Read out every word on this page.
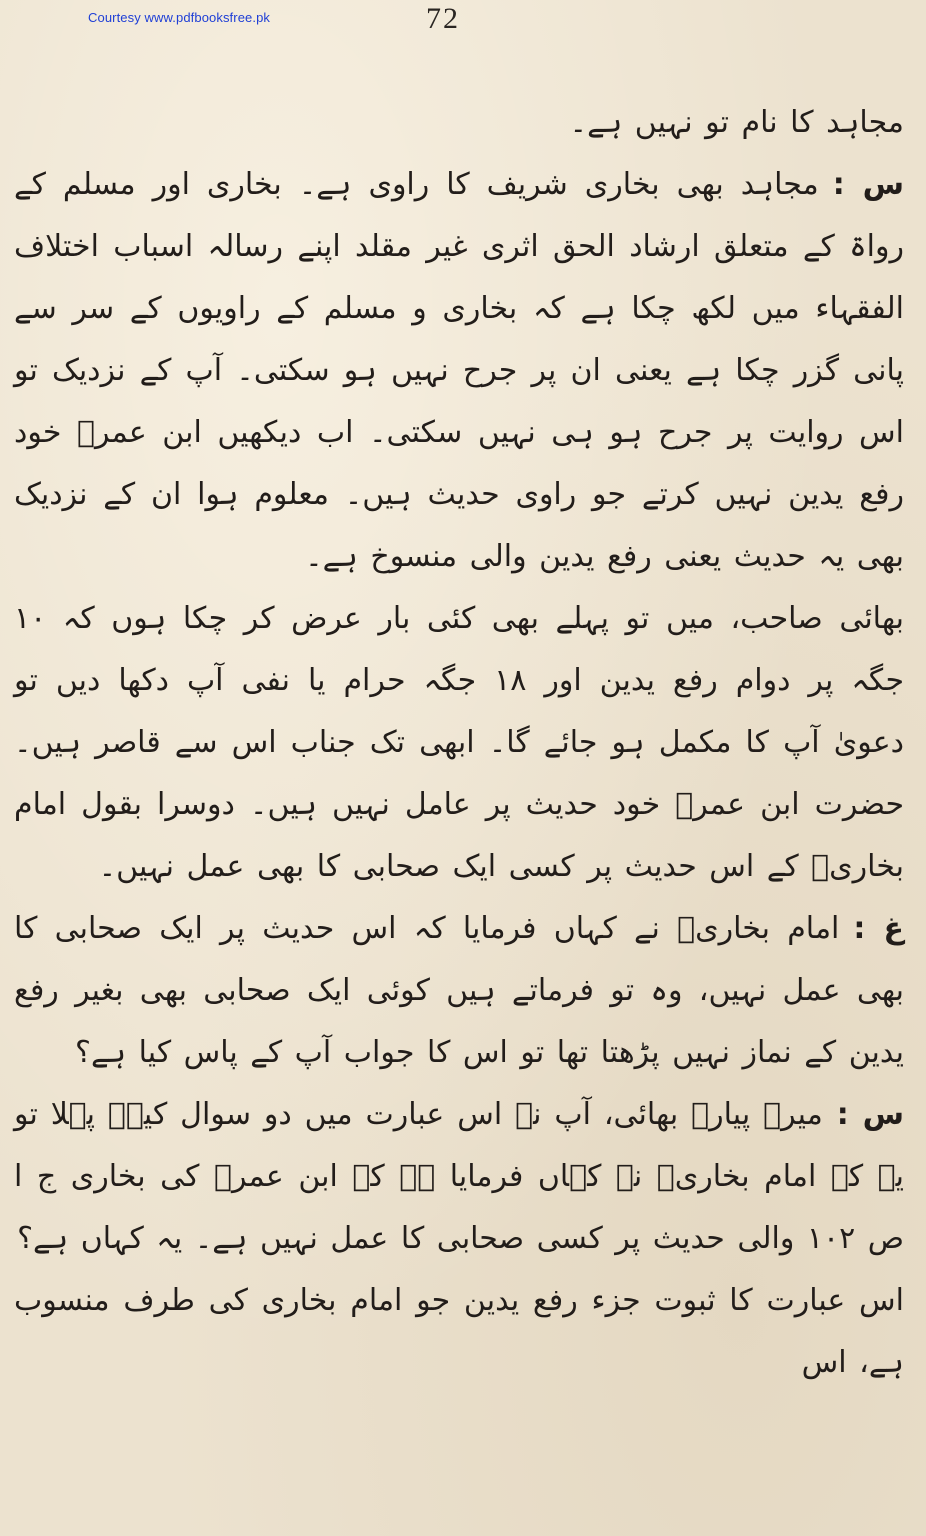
Courtesy www.pdfbooksfree.pk	72

مجاہد کا نام تو نہیں ہے۔

س :مجاہد بھی بخاری شریف کا راوی ہے۔ بخاری اور مسلم کے رواۃ کے متعلق ارشاد الحق اثری غیر مقلد اپنے رسالہ اسباب اختلاف الفقہاء میں لکھ چکا ہے کہ بخاری و مسلم کے راویوں کے سر سے پانی گزر چکا ہے یعنی ان پر جرح نہیں ہو سکتی۔ آپ کے نزدیک تو اس روایت پر جرح ہو ہی نہیں سکتی۔ اب دیکھیں ابن عمرؓ خود رفع یدین نہیں کرتے جو راوی حدیث ہیں۔ معلوم ہوا ان کے نزدیک بھی یہ حدیث یعنی رفع یدین والی منسوخ ہے۔

بھائی صاحب، میں تو پہلے بھی کئی بار عرض کر چکا ہوں کہ ۱۰ جگہ پر دوام رفع یدین اور ۱۸ جگہ حرام یا نفی آپ دکھا دیں تو دعویٰ آپ کا مکمل ہو جائے گا۔ ابھی تک جناب اس سے قاصر ہیں۔ حضرت ابن عمرؓ خود حدیث پر عامل نہیں ہیں۔ دوسرا بقول امام بخاریؒ کے اس حدیث پر کسی ایک صحابی کا بھی عمل نہیں۔

غ :امام بخاریؒ نے کہاں فرمایا کہ اس حدیث پر ایک صحابی کا بھی عمل نہیں، وہ تو فرماتے ہیں کوئی ایک صحابی بھی بغیر رفع یدین کے نماز نہیں پڑھتا تھا تو اس کا جواب آپ کے پاس کیا ہے؟

س :میرے پیارے بھائی، آپ نے اس عبارت میں دو سوال کیے۔ پہلا تو یہ کہ امام بخاریؒ نے کہاں فرمایا ہے کہ ابن عمرؓ کی بخاری ج ا ص ۱۰۲ والی حدیث پر کسی صحابی کا عمل نہیں ہے۔ یہ کہاں ہے؟

اس عبارت کا ثبوت جزء رفع یدین جو امام بخاری کی طرف منسوب ہے، اس
